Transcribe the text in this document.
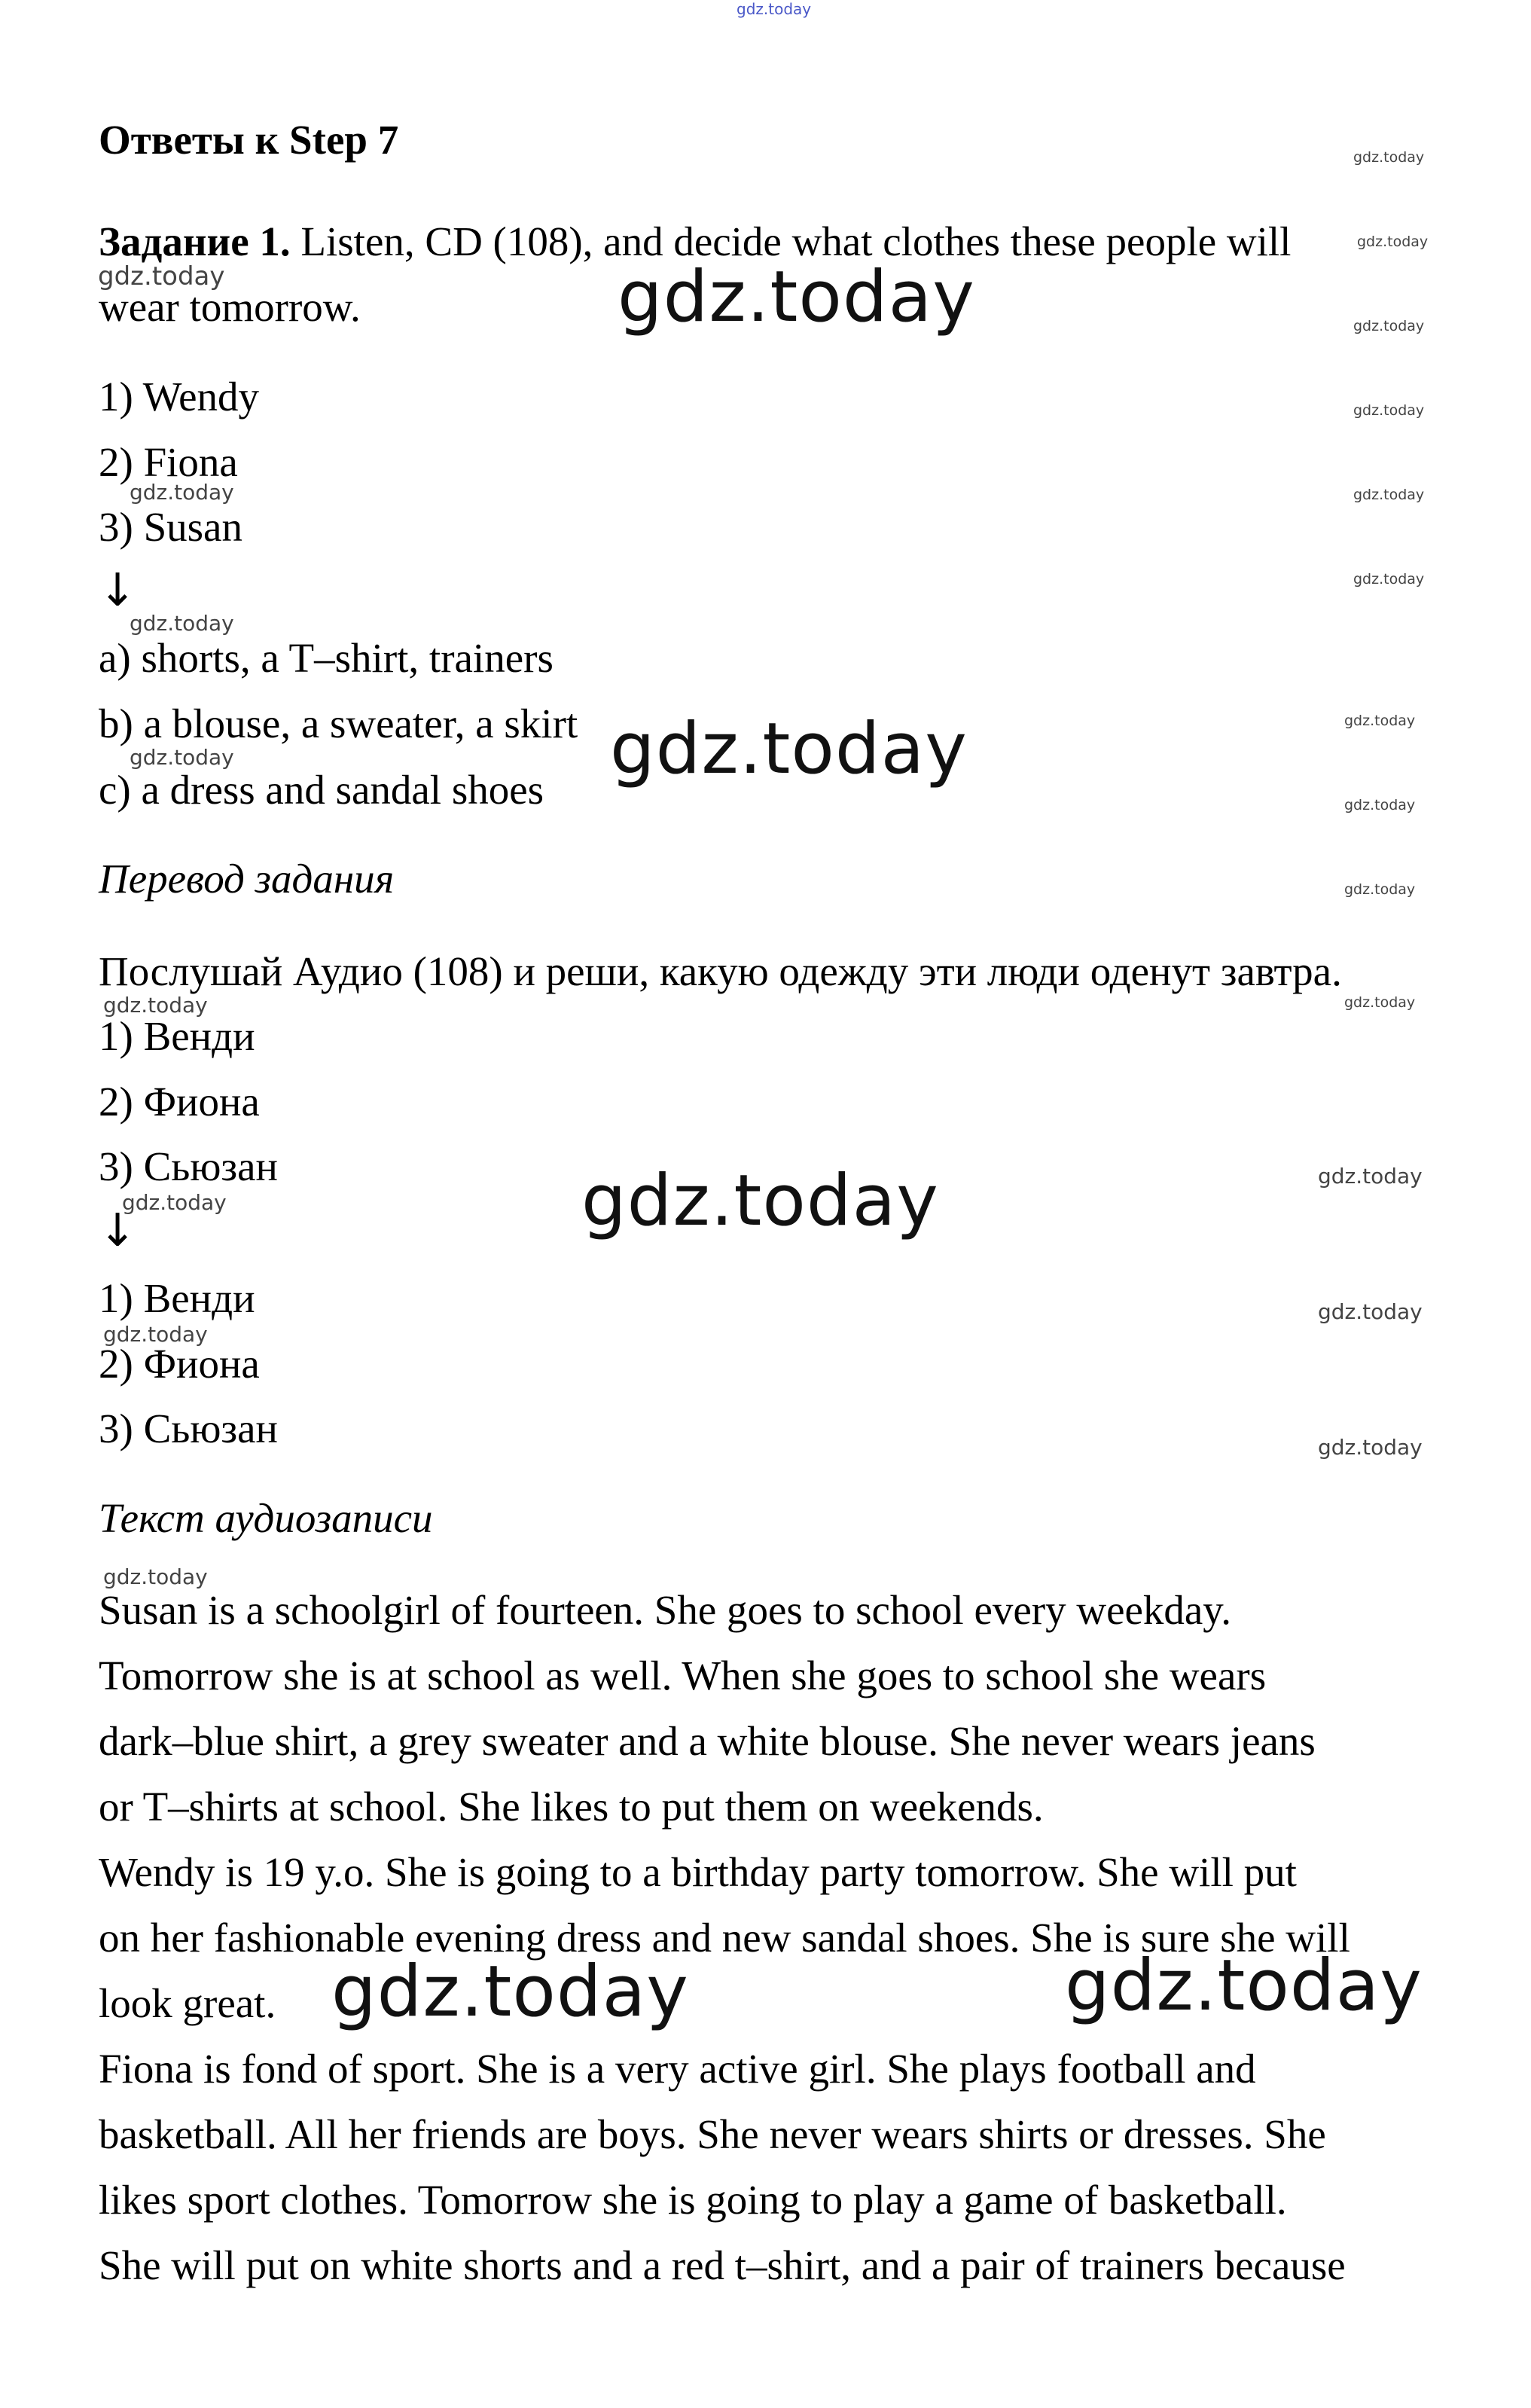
gdz.today

Ответы к Step 7

Задание 1. Listen, CD (108), and decide what clothes these people will

wear tomorrow.

1) Wendy

2) Fiona

3) Susan

↓

a) shorts, a T–shirt, trainers

b) a blouse, a sweater, a skirt

c) a dress and sandal shoes

Перевод задания

Послушай Аудио (108) и реши, какую одежду эти люди оденут завтра.

1) Венди

2) Фиона

3) Сьюзан

↓

1) Венди

2) Фиона

3) Сьюзан

Текст аудиозаписи

Susan is a schoolgirl of fourteen. She goes to school every weekday.

Tomorrow she is at school as well. When she goes to school she wears

dark–blue shirt, a grey sweater and a white blouse. She never wears jeans

or T–shirts at school. She likes to put them on weekends.

Wendy is 19 y.o. She is going to a birthday party tomorrow. She will put

on her fashionable evening dress and new sandal shoes. She is sure she will

look great.

Fiona is fond of sport. She is a very active girl. She plays football and

basketball. All her friends are boys. She never wears shirts or dresses. She

likes sport clothes. Tomorrow she is going to play a game of basketball.

She will put on white shorts and a red t–shirt, and a pair of trainers because

gdz.today
gdz.today
gdz.today
gdz.today	gdz.today
gdz.today
gdz.today
gdz.today
gdz.today
gdz.today
gdz.today
gdz.today
gdz.today
gdz.today
gdz.today
gdz.today
gdz.today
gdz.today
gdz.today
gdz.today
gdz.today
gdz.today
gdz.today
gdz.today
gdz.today
gdz.today
